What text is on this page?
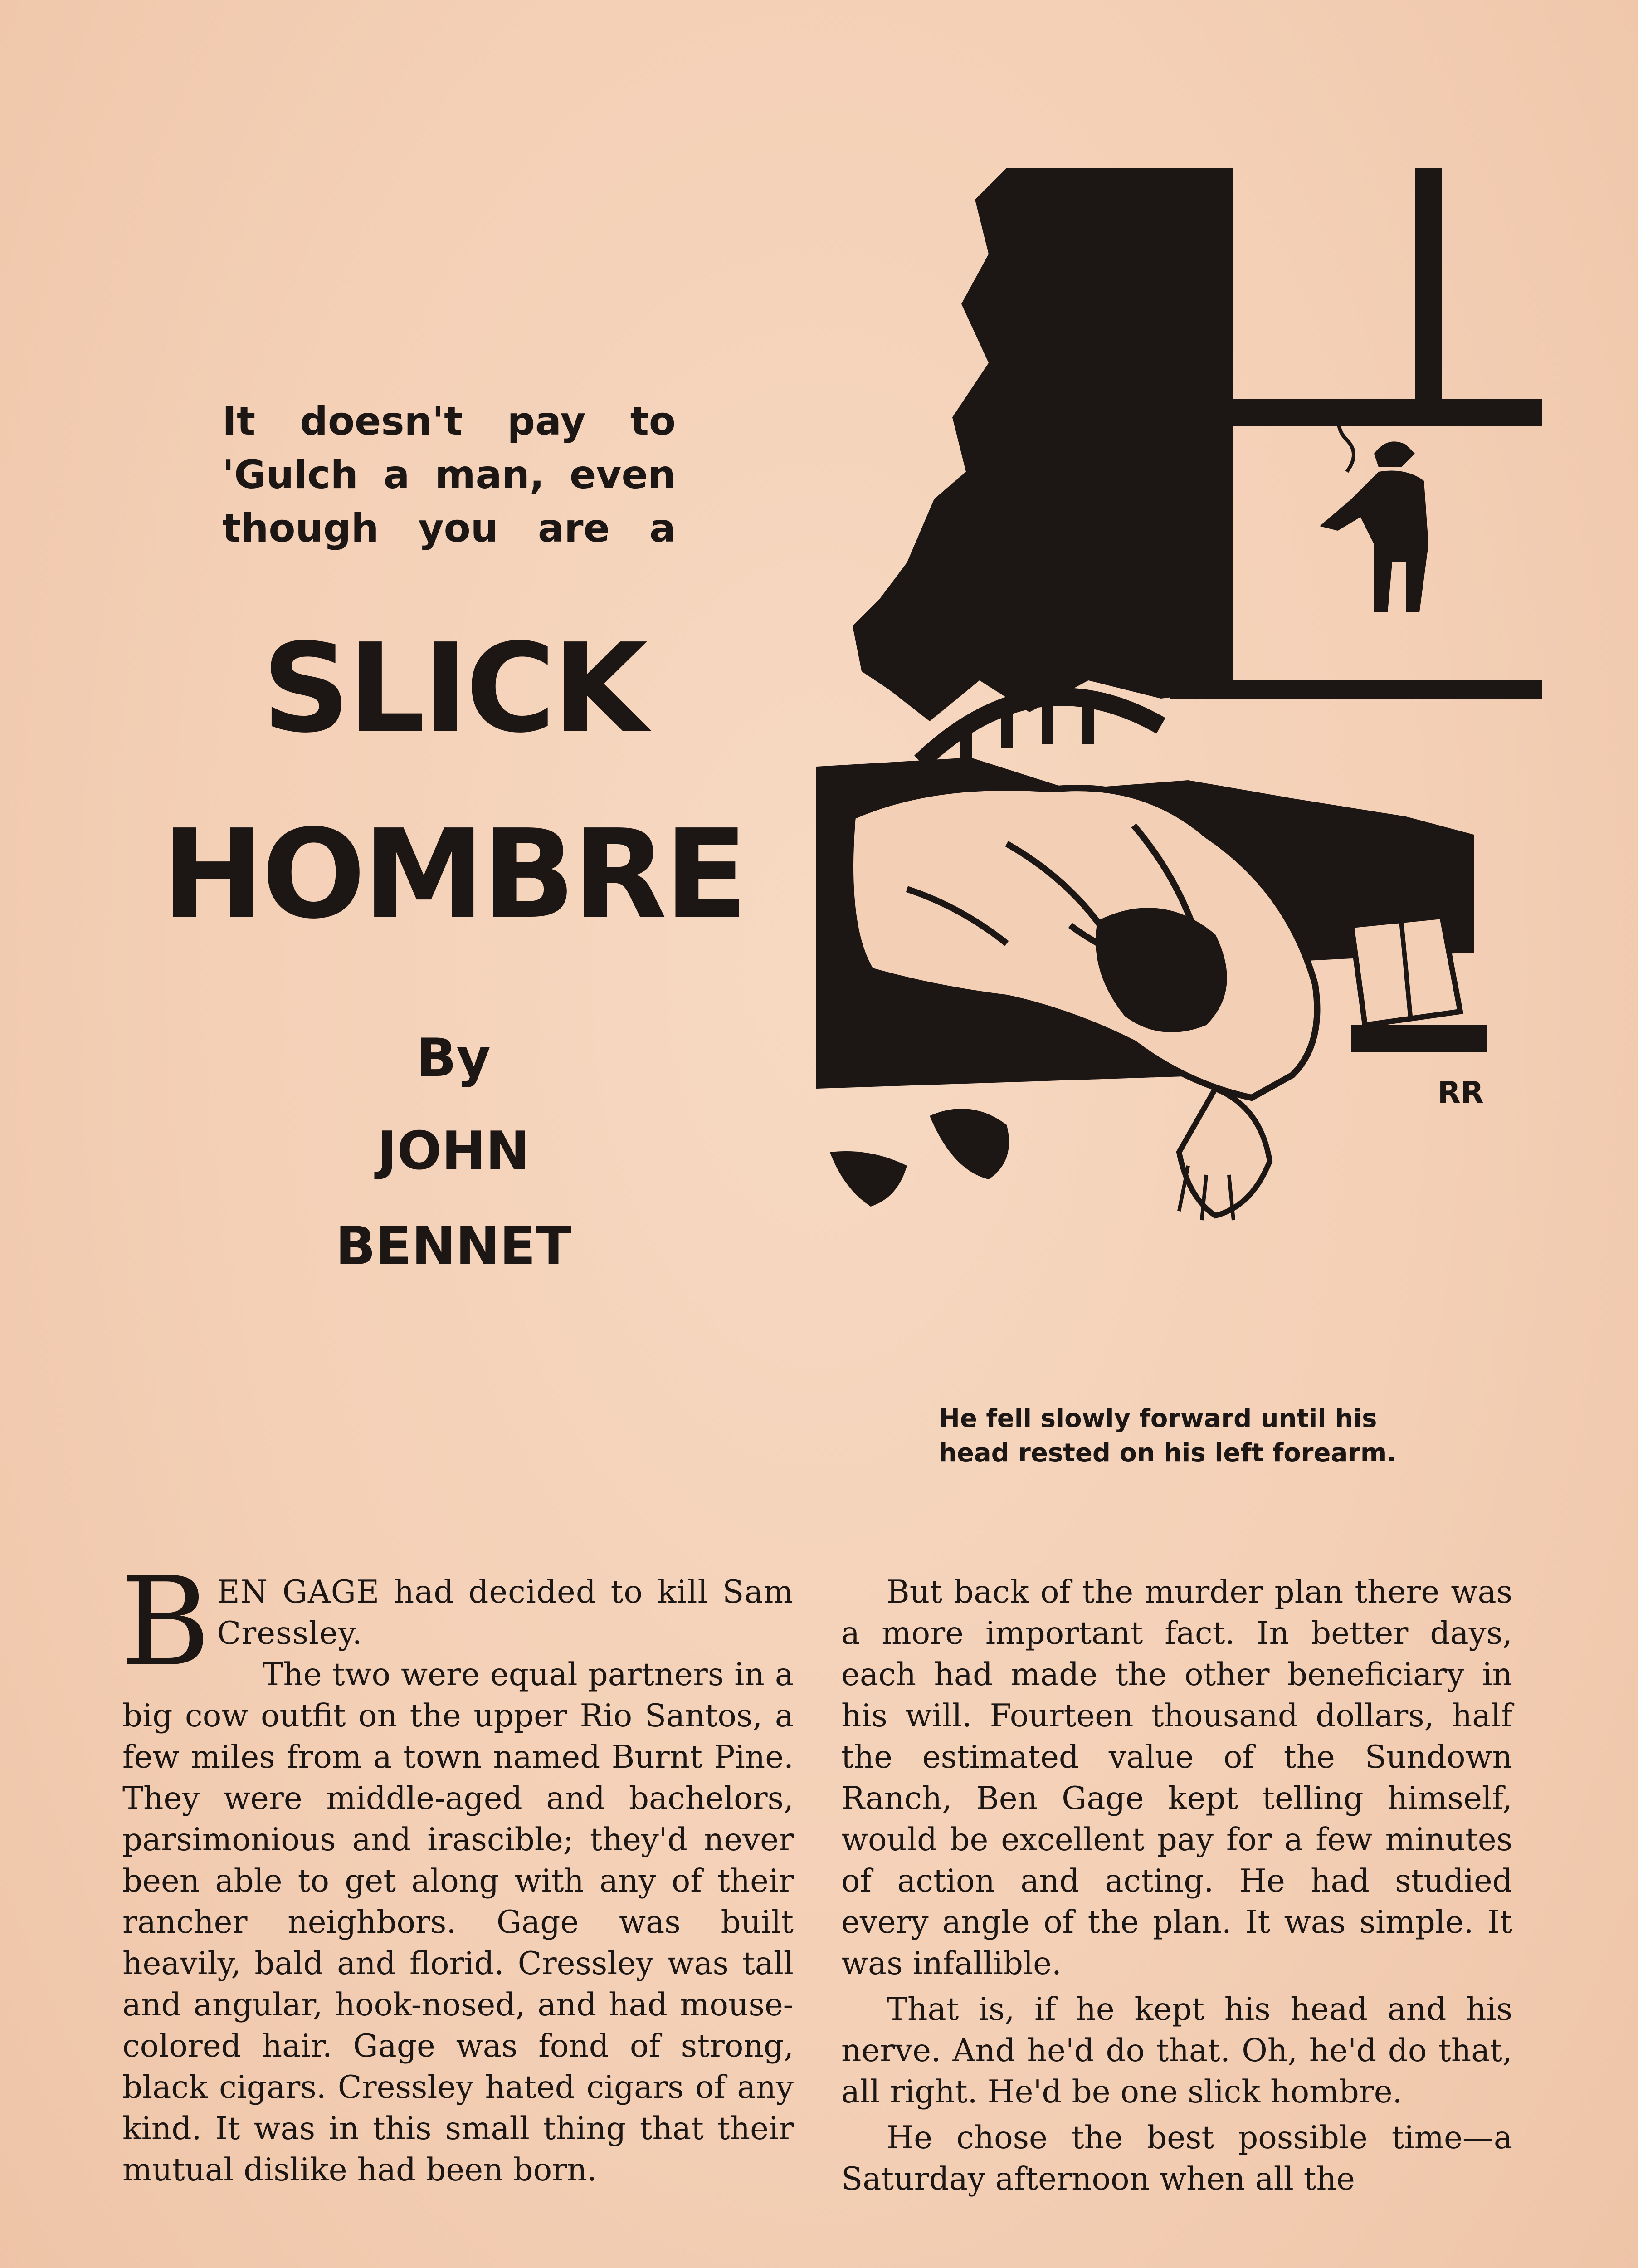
It doesn't pay to
'Gulch a man, even
though you are a
SLICK
HOMBRE
By
JOHN
BENNET
RR
He fell slowly forward until his
head rested on his left forearm.

BEN GAGE had decided to kill Sam Cressley.

The two were equal partners in a big cow outfit on the upper Rio Santos, a few miles from a town named Burnt Pine. They were middle-aged and bachelors, parsimonious and irascible; they'd never been able to get along with any of their rancher neighbors. Gage was built heavily, bald and florid. Cressley was tall and angular, hook-nosed, and had mouse-colored hair. Gage was fond of strong, black cigars. Cressley hated cigars of any kind. It was in this small thing that their mutual dislike had been born.

But back of the murder plan there was a more important fact. In better days, each had made the other beneficiary in his will. Fourteen thousand dollars, half the estimated value of the Sundown Ranch, Ben Gage kept telling himself, would be excellent pay for a few minutes of action and acting. He had studied every angle of the plan. It was simple. It was infallible.

That is, if he kept his head and his nerve. And he'd do that. Oh, he'd do that, all right. He'd be one slick hombre.

He chose the best possible time—a Saturday afternoon when all the
